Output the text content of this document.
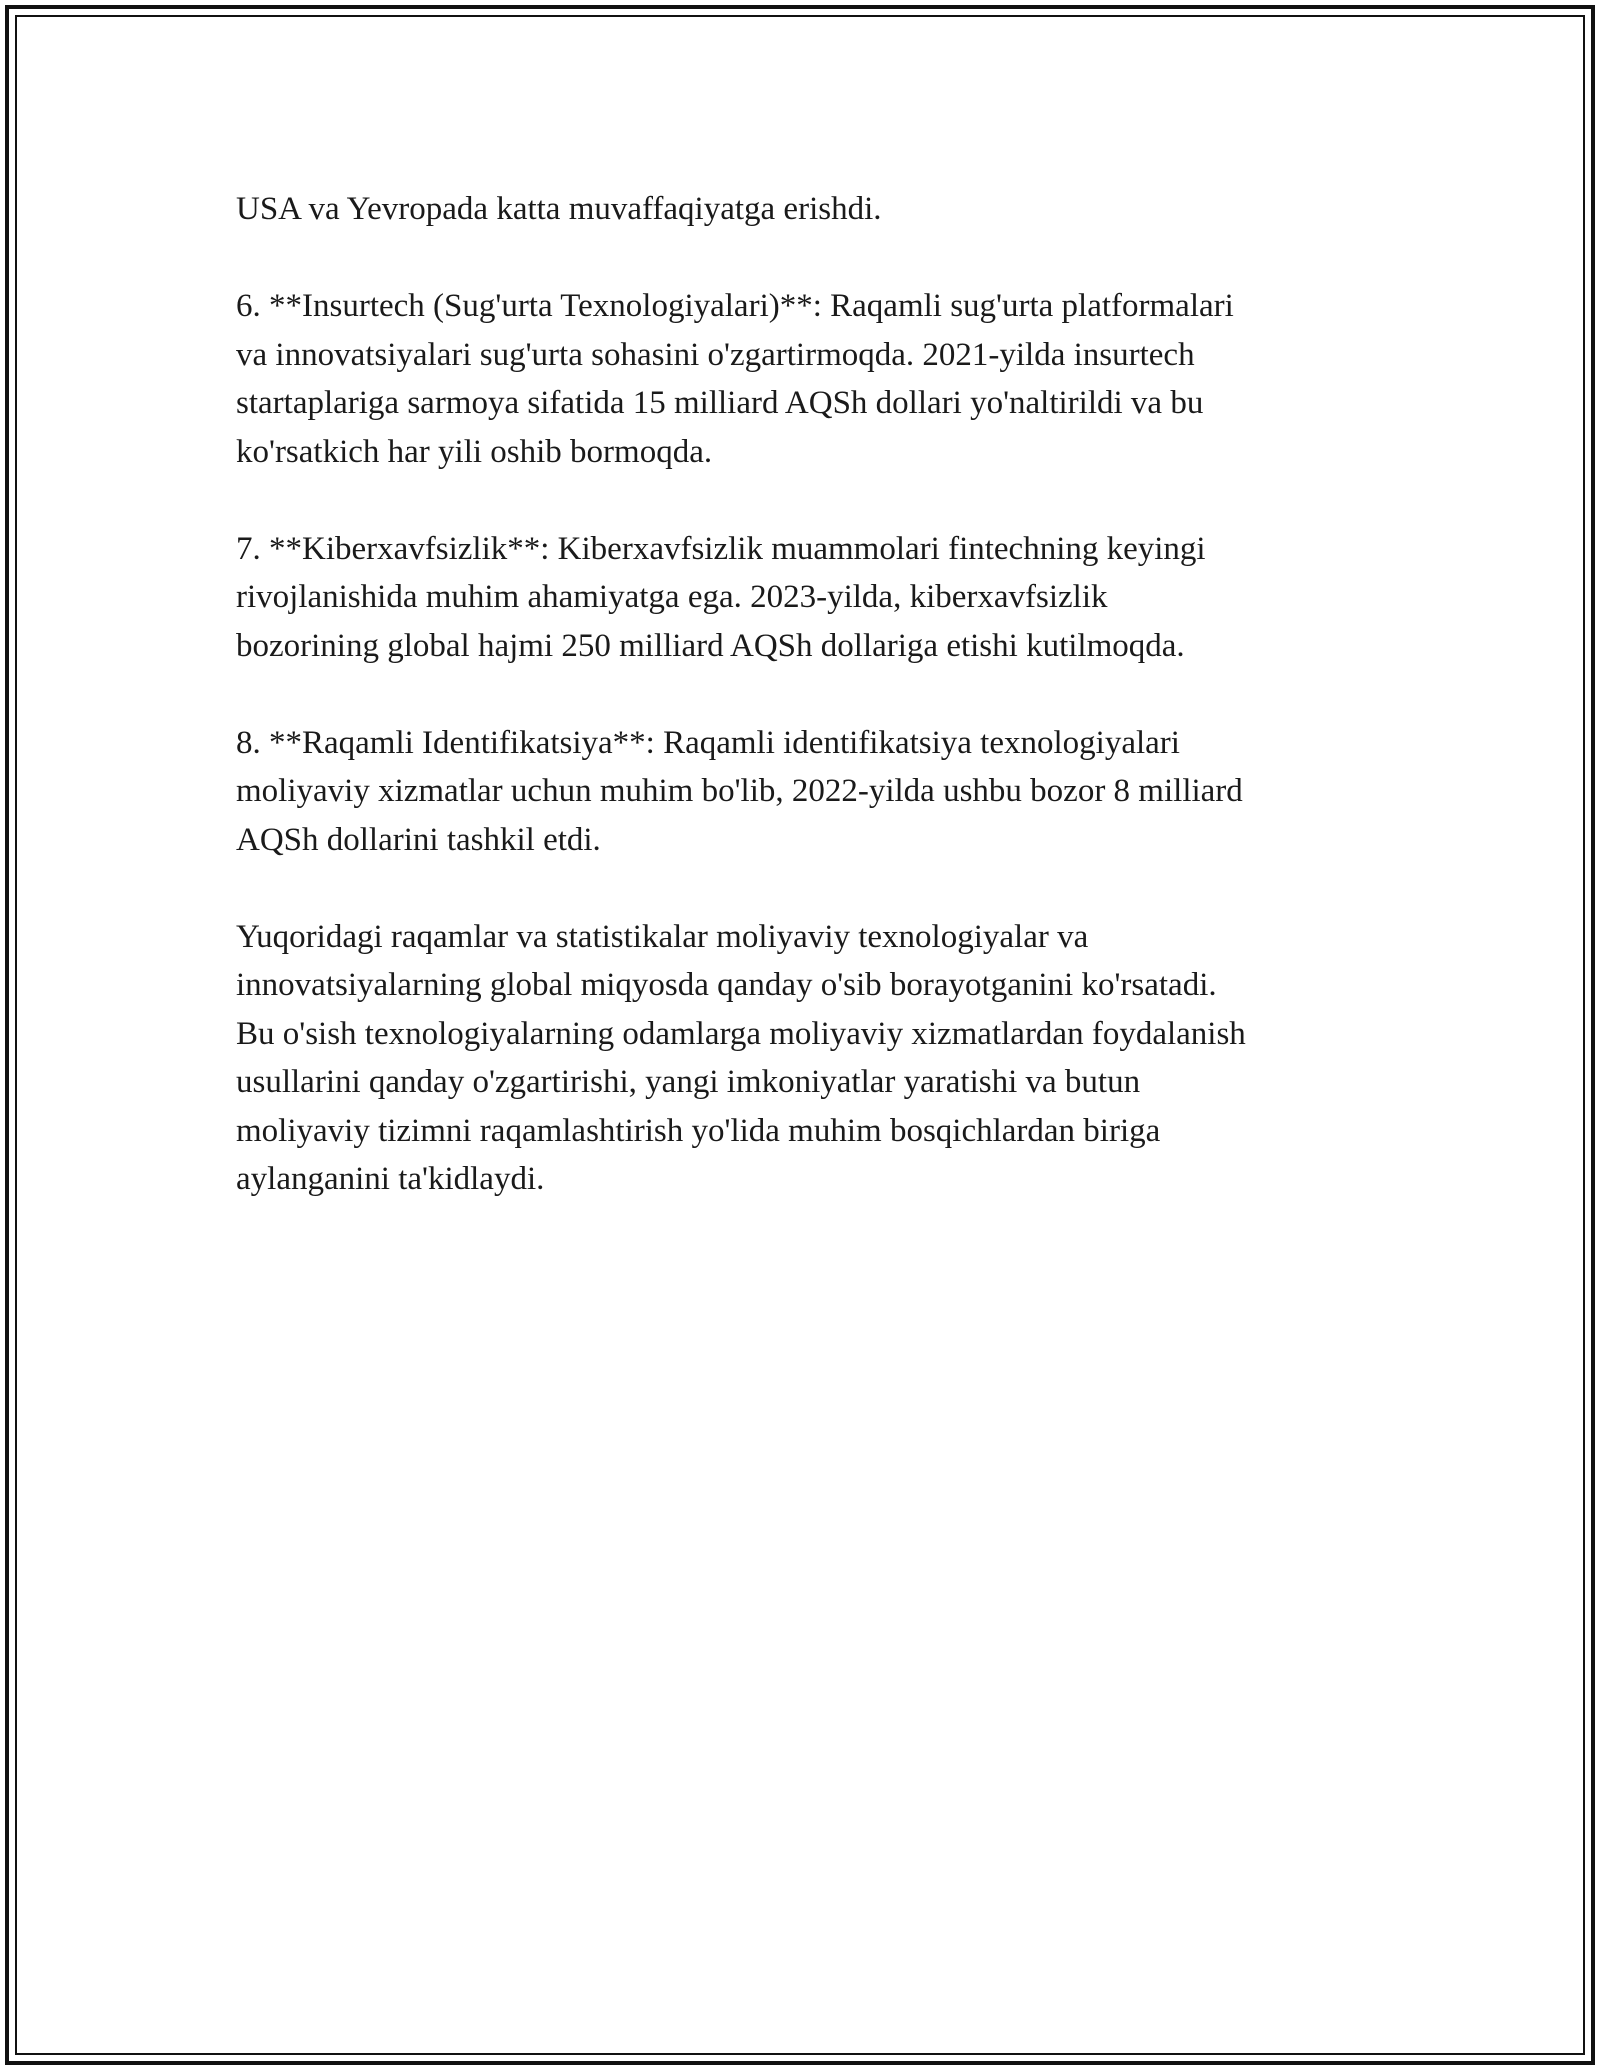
USA va Yevropada katta muvaffaqiyatga erishdi.

6. **Insurtech (Sug'urta Texnologiyalari)**: Raqamli sug'urta platformalari
va innovatsiyalari sug'urta sohasini o'zgartirmoqda. 2021-yilda insurtech
startaplariga sarmoya sifatida 15 milliard AQSh dollari yo'naltirildi va bu
ko'rsatkich har yili oshib bormoqda.

7. **Kiberxavfsizlik**: Kiberxavfsizlik muammolari fintechning keyingi
rivojlanishida muhim ahamiyatga ega. 2023-yilda, kiberxavfsizlik
bozorining global hajmi 250 milliard AQSh dollariga etishi kutilmoqda.

8. **Raqamli Identifikatsiya**: Raqamli identifikatsiya texnologiyalari
moliyaviy xizmatlar uchun muhim bo'lib, 2022-yilda ushbu bozor 8 milliard
AQSh dollarini tashkil etdi.

Yuqoridagi raqamlar va statistikalar moliyaviy texnologiyalar va
innovatsiyalarning global miqyosda qanday o'sib borayotganini ko'rsatadi.
Bu o'sish texnologiyalarning odamlarga moliyaviy xizmatlardan foydalanish
usullarini qanday o'zgartirishi, yangi imkoniyatlar yaratishi va butun
moliyaviy tizimni raqamlashtirish yo'lida muhim bosqichlardan biriga
aylanganini ta'kidlaydi.
